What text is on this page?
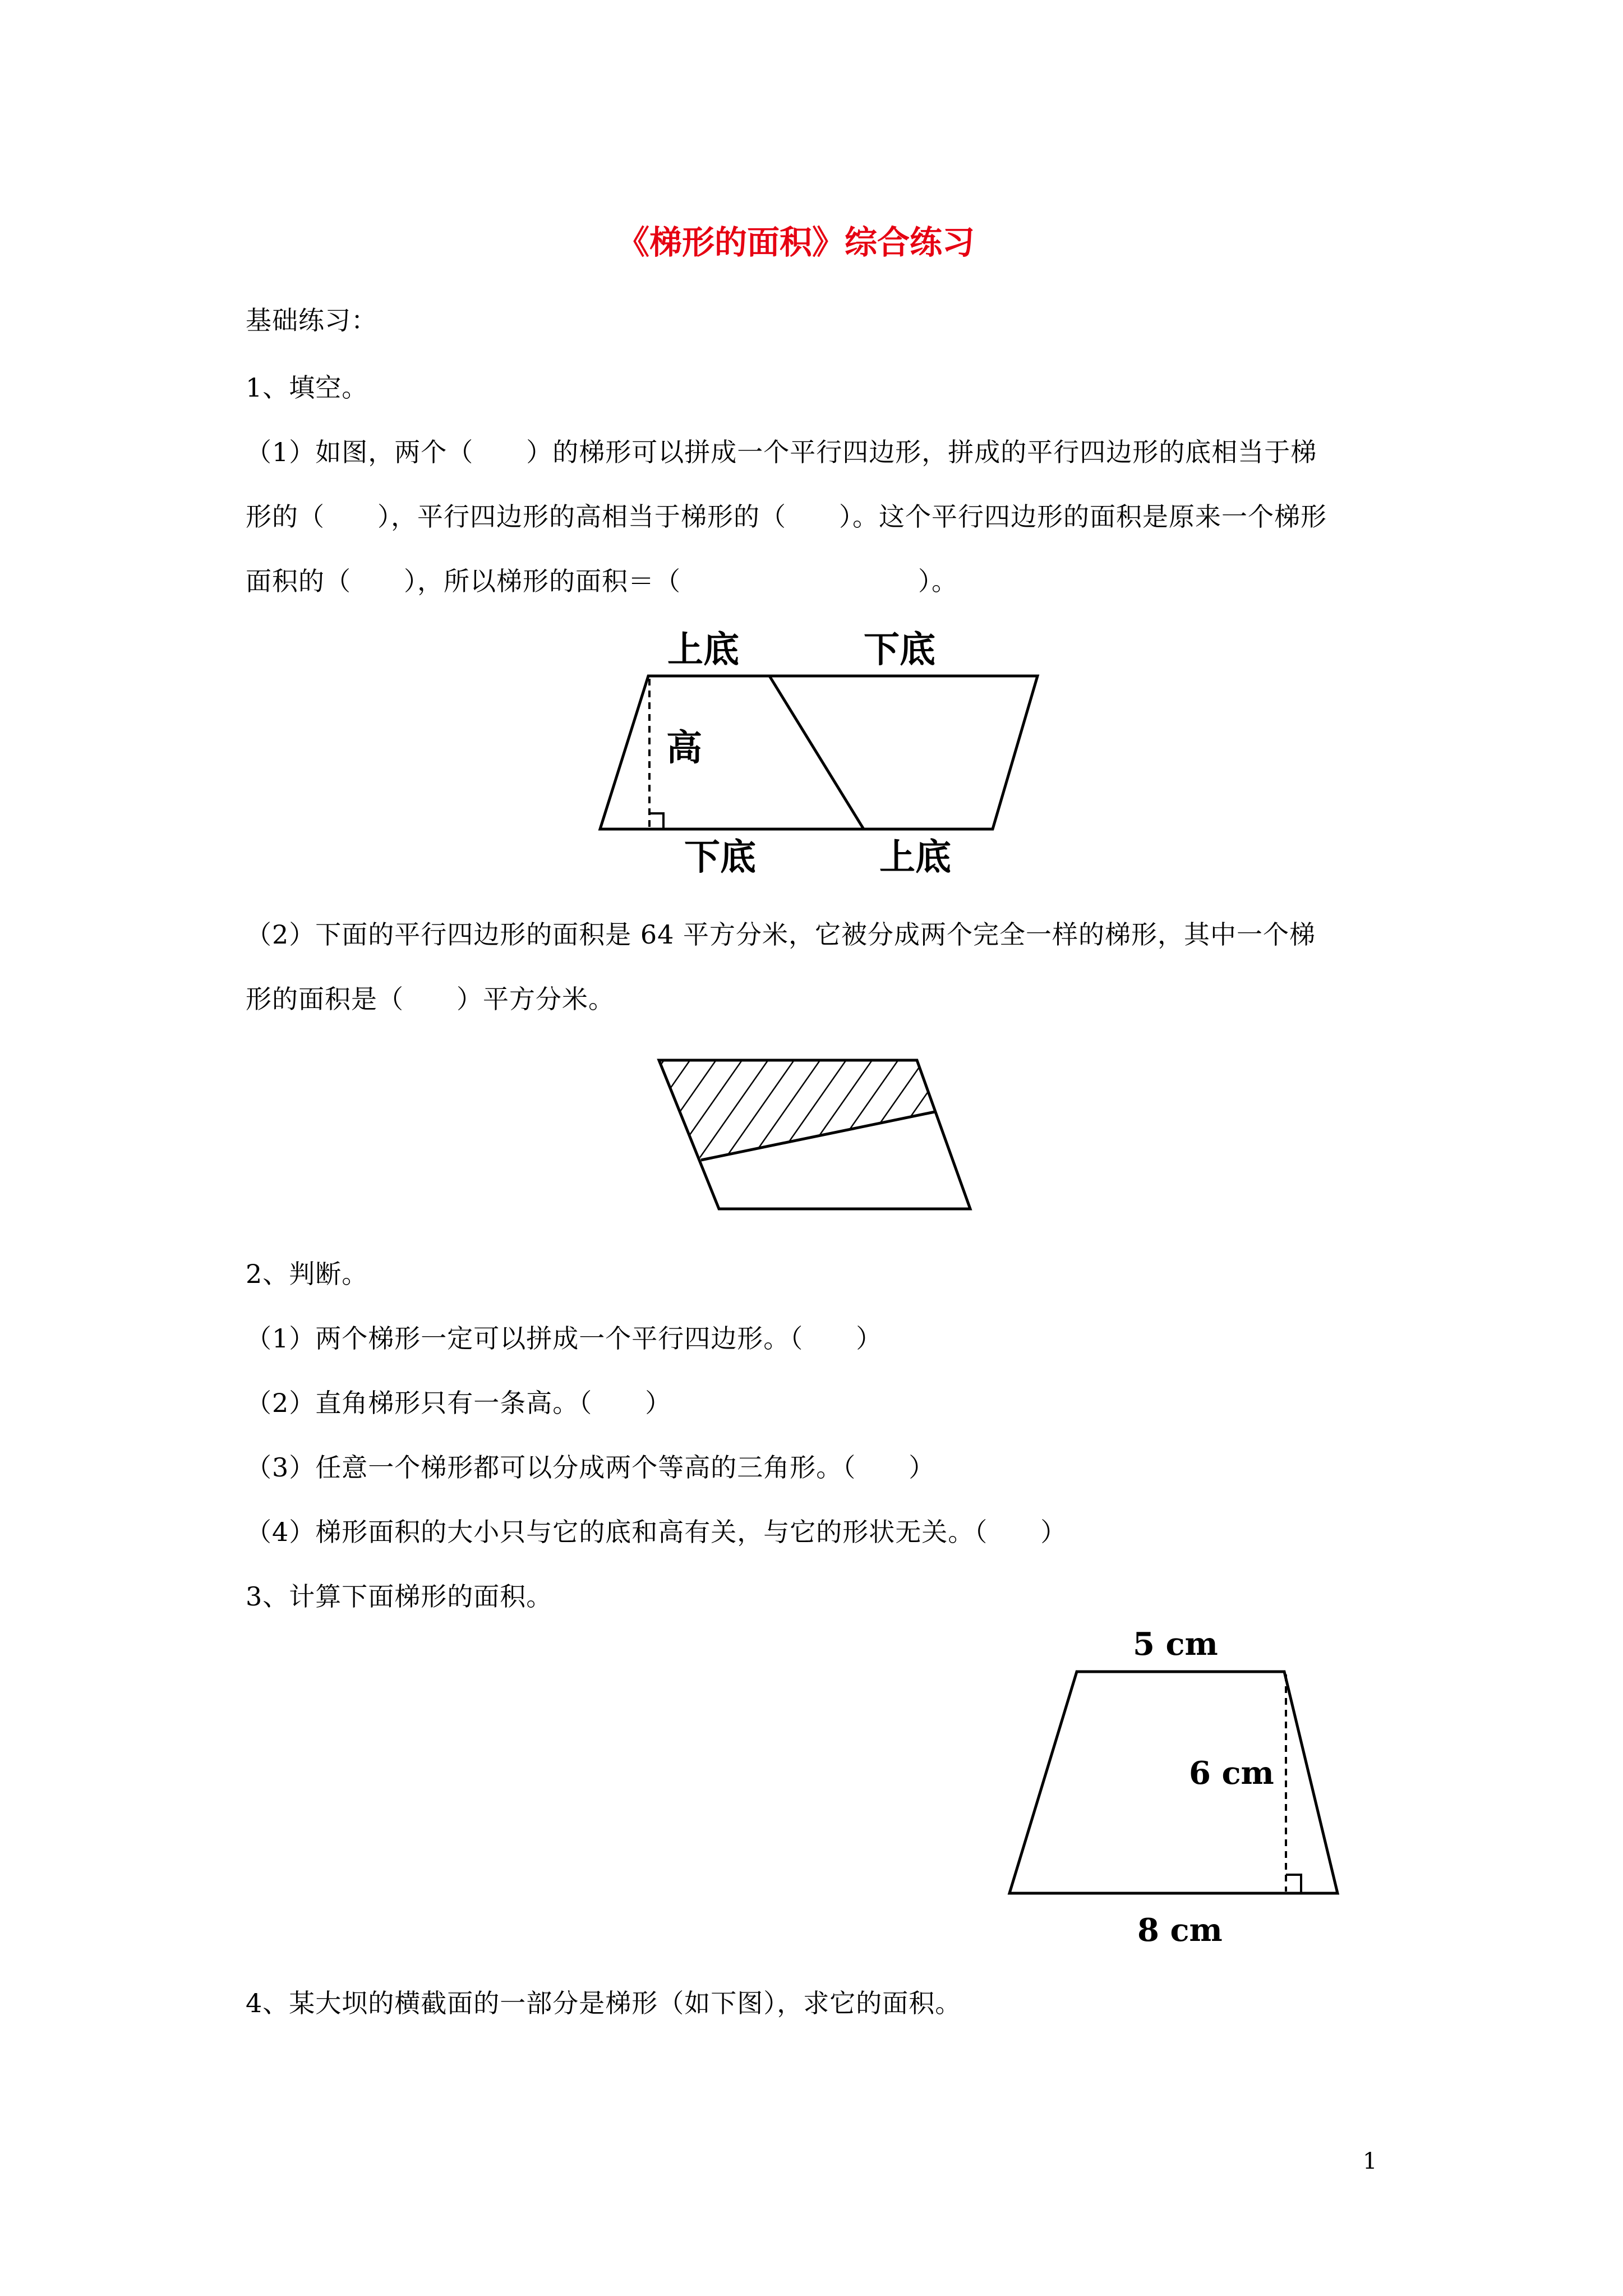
《梯形的面积》综合练习
基础练习：
1、填空。
（1）如图，两个（　　）的梯形可以拼成一个平行四边形，拼成的平行四边形的底相当于梯
形的（　　），平行四边形的高相当于梯形的（　　）。这个平行四边形的面积是原来一个梯形
面积的（　　），所以梯形的面积＝（　　　　　　　　　）。
上底	下底
高
下底	上底
（2）下面的平行四边形的面积是 64 平方分米，它被分成两个完全一样的梯形，其中一个梯
形的面积是（　　）平方分米。
2、判断。
（1）两个梯形一定可以拼成一个平行四边形。（　　）
（2）直角梯形只有一条高。（　　）
（3）任意一个梯形都可以分成两个等高的三角形。（　　）
（4）梯形面积的大小只与它的底和高有关，与它的形状无关。（　　）
3、计算下面梯形的面积。
5 cm
6 cm
8 cm
4、某大坝的横截面的一部分是梯形（如下图），求它的面积。
1
